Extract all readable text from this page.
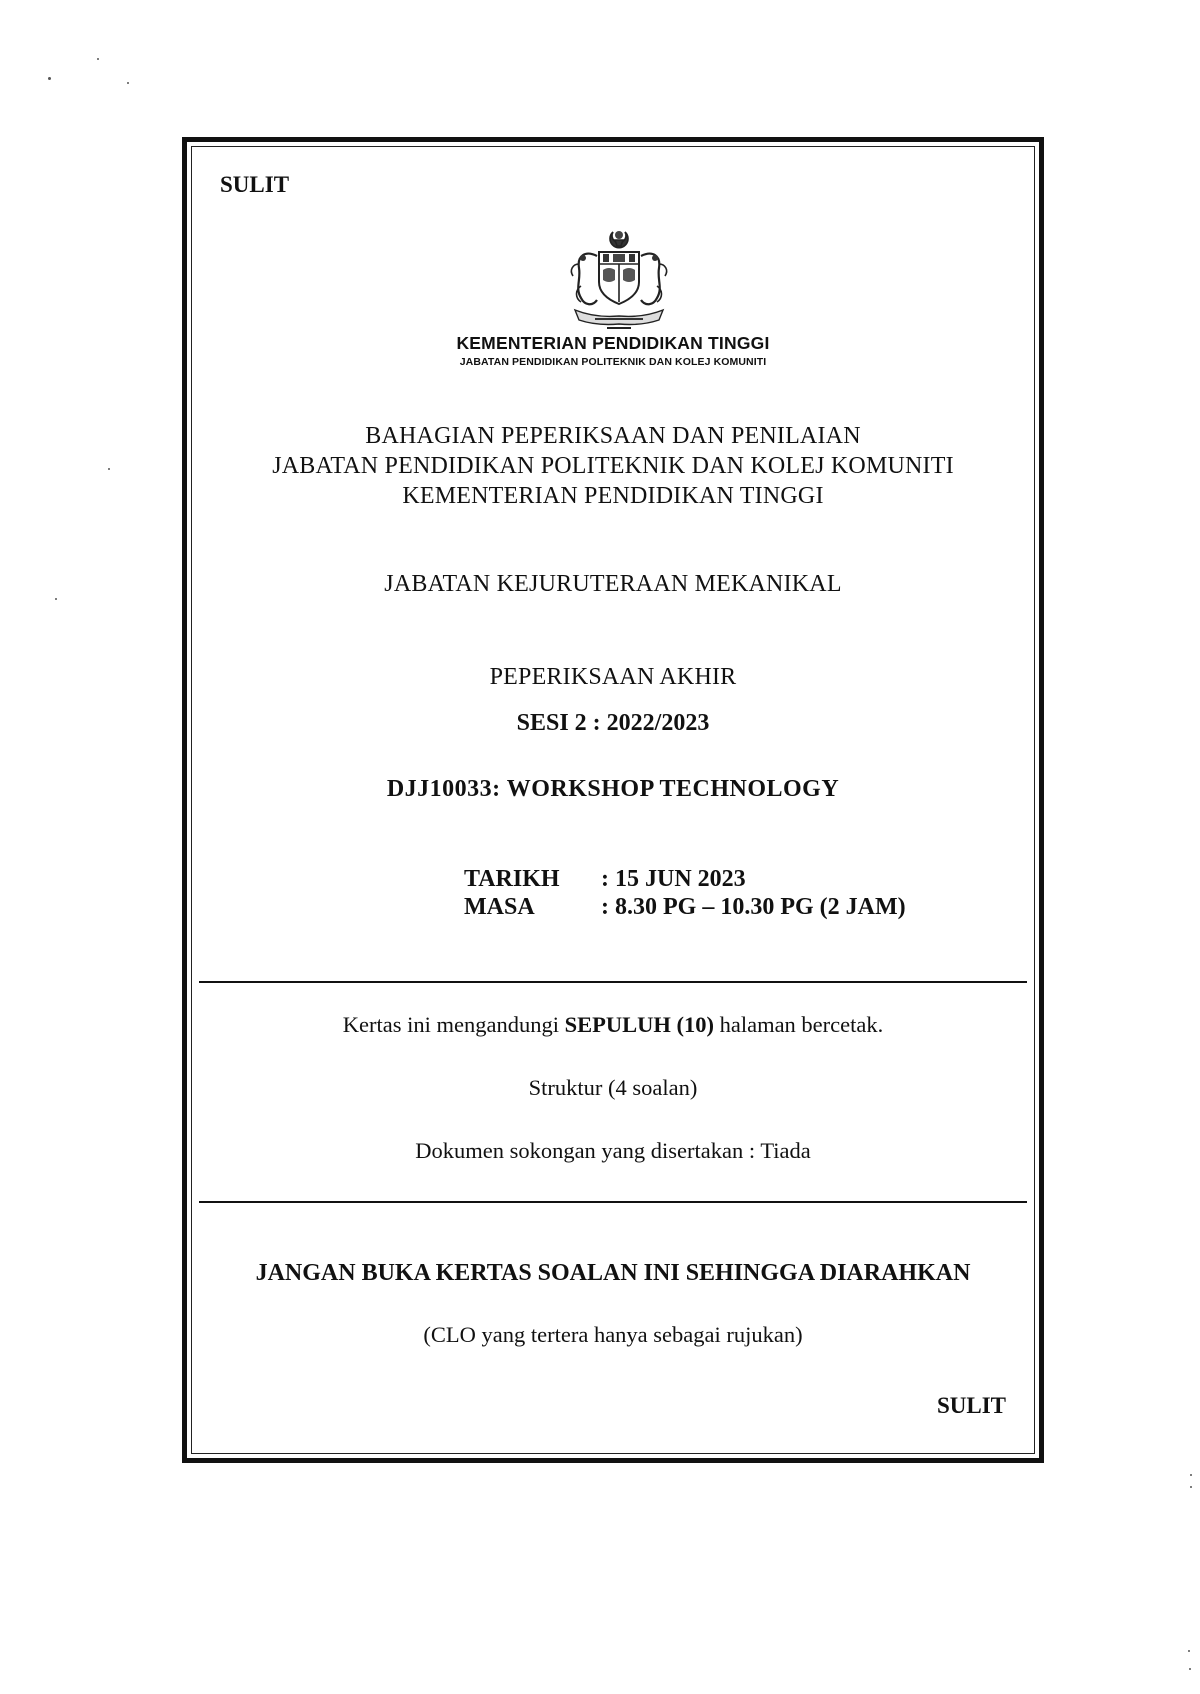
SULIT
KEMENTERIAN PENDIDIKAN TINGGI
JABATAN PENDIDIKAN POLITEKNIK DAN KOLEJ KOMUNITI
BAHAGIAN PEPERIKSAAN DAN PENILAIAN
JABATAN PENDIDIKAN POLITEKNIK DAN KOLEJ KOMUNITI
KEMENTERIAN PENDIDIKAN TINGGI
JABATAN KEJURUTERAAN MEKANIKAL
PEPERIKSAAN AKHIR
SESI 2 : 2022/2023
DJJ10033: WORKSHOP TECHNOLOGY
TARIKH : 15 JUN 2023
MASA	: 8.30 PG – 10.30 PG (2 JAM)
Kertas ini mengandungi SEPULUH (10) halaman bercetak.
Struktur (4 soalan)
Dokumen sokongan yang disertakan : Tiada
JANGAN BUKA KERTAS SOALAN INI SEHINGGA DIARAHKAN
(CLO yang tertera hanya sebagai rujukan)
SULIT
